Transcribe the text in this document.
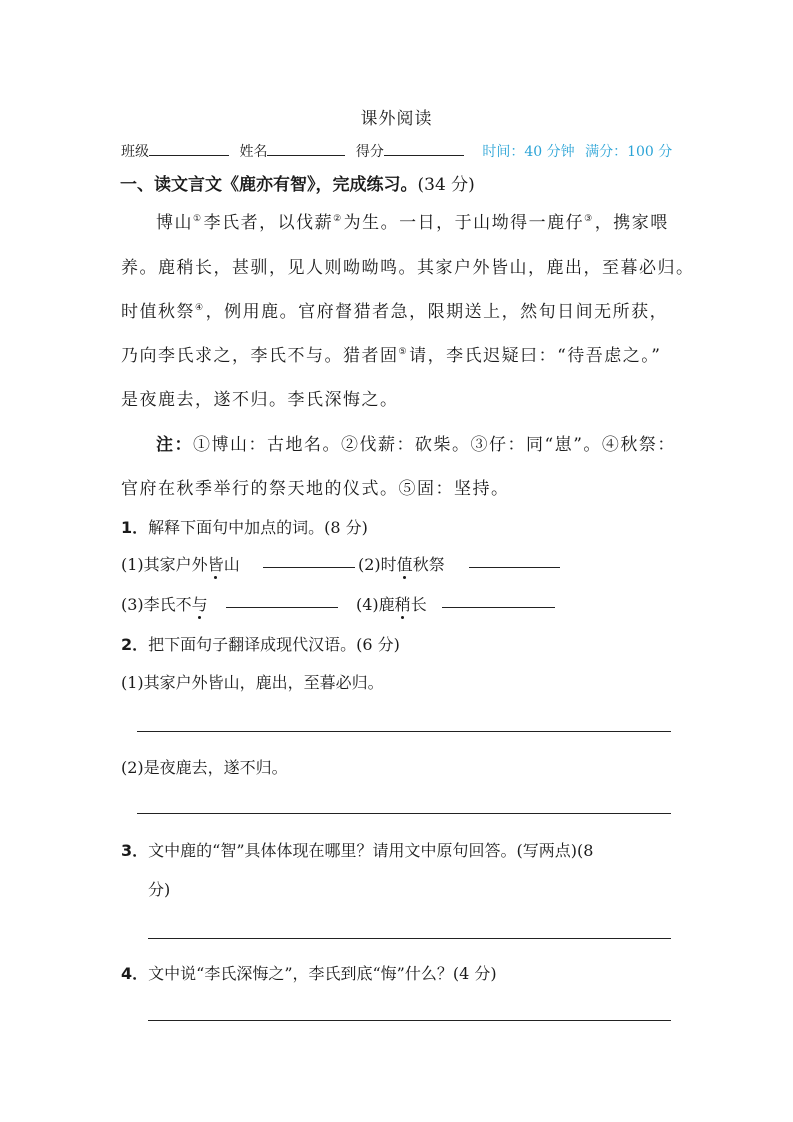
课外阅读
班级	姓名	得分	时间：40 分钟 满分：100 分
一、读文言文《鹿亦有智》，完成练习。(34 分)
博山①李氏者，以伐薪②为生。一日，于山坳得一鹿仔③，携家喂
养。鹿稍长，甚驯，见人则呦呦鸣。其家户外皆山，鹿出，至暮必归。
时值秋祭④，例用鹿。官府督猎者急，限期送上，然旬日间无所获，
乃向李氏求之，李氏不与。猎者固⑤请，李氏迟疑曰：“待吾虑之。”
是夜鹿去，遂不归。李氏深悔之。
注：①博山：古地名。②伐薪：砍柴。③仔：同“崽”。④秋祭：
官府在秋季举行的祭天地的仪式。⑤固：坚持。
1．解释下面句中加点的词。(8 分)
(1)其家户外皆山	(2)时值秋祭
(3)李氏不与	(4)鹿稍长
2．把下面句子翻译成现代汉语。(6 分)
(1)其家户外皆山，鹿出，至暮必归。
(2)是夜鹿去，遂不归。
3．文中鹿的“智”具体体现在哪里？请用文中原句回答。(写两点)(8
分)
4．文中说“李氏深悔之”，李氏到底“悔”什么？(4 分)
